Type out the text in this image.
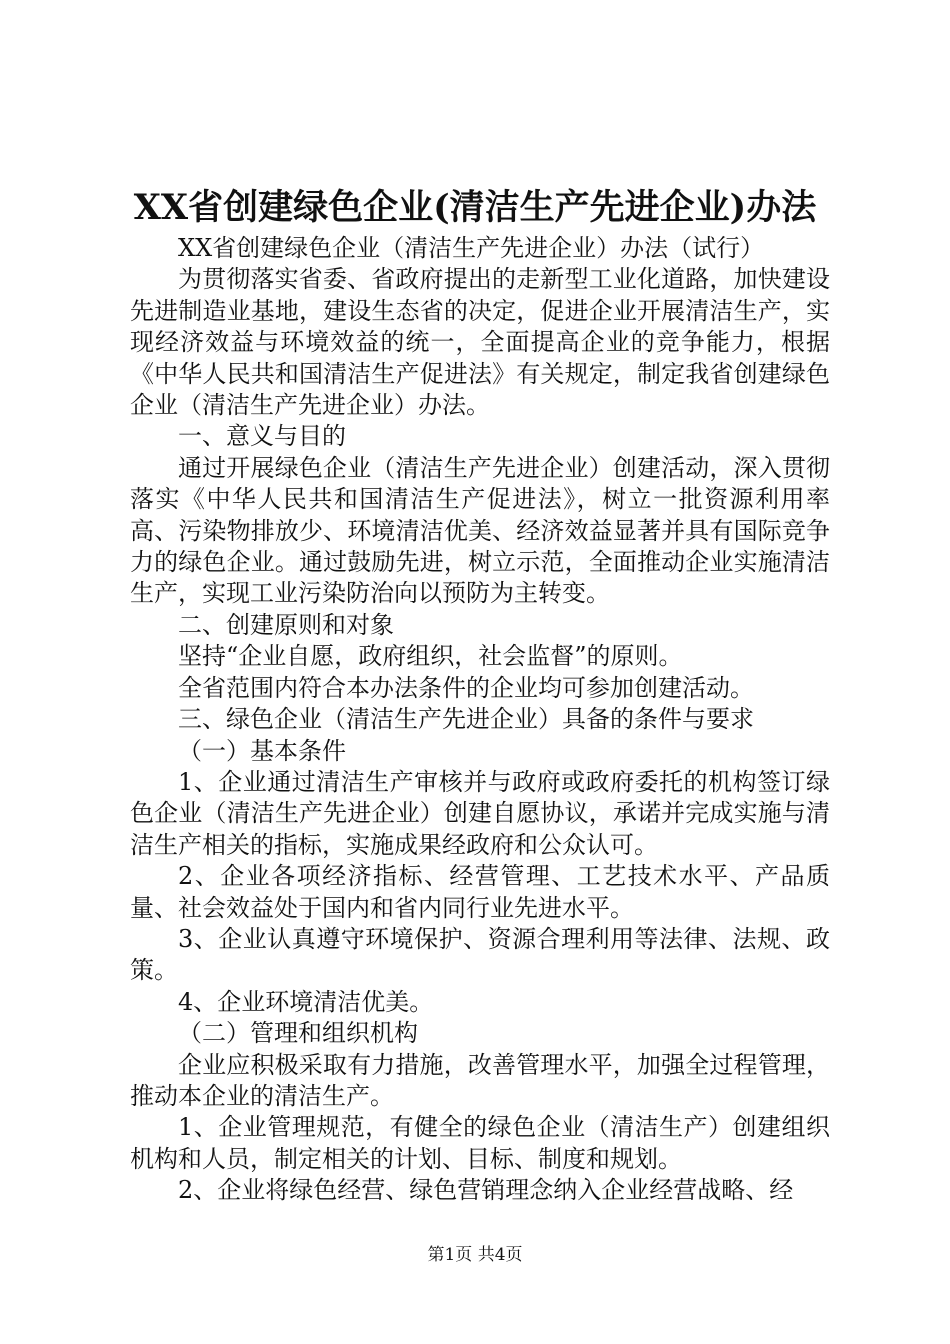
XX省创建绿色企业(清洁生产先进企业)办法

XX省创建绿色企业（清洁生产先进企业）办法（试行）

为贯彻落实省委、省政府提出的走新型工业化道路，加快建设先进制造业基地，建设生态省的决定，促进企业开展清洁生产，实现经济效益与环境效益的统一，全面提高企业的竞争能力，根据《中华人民共和国清洁生产促进法》有关规定，制定我省创建绿色企业（清洁生产先进企业）办法。

一、意义与目的

通过开展绿色企业（清洁生产先进企业）创建活动，深入贯彻落实《中华人民共和国清洁生产促进法》，树立一批资源利用率高、污染物排放少、环境清洁优美、经济效益显著并具有国际竞争力的绿色企业。通过鼓励先进，树立示范，全面推动企业实施清洁生产，实现工业污染防治向以预防为主转变。

二、创建原则和对象

坚持“企业自愿，政府组织，社会监督”的原则。

全省范围内符合本办法条件的企业均可参加创建活动。

三、绿色企业（清洁生产先进企业）具备的条件与要求

（一）基本条件

1、企业通过清洁生产审核并与政府或政府委托的机构签订绿色企业（清洁生产先进企业）创建自愿协议，承诺并完成实施与清洁生产相关的指标，实施成果经政府和公众认可。

2、企业各项经济指标、经营管理、工艺技术水平、产品质量、社会效益处于国内和省内同行业先进水平。

3、企业认真遵守环境保护、资源合理利用等法律、法规、政策。

4、企业环境清洁优美。

（二）管理和组织机构

企业应积极采取有力措施，改善管理水平，加强全过程管理，推动本企业的清洁生产。

1、企业管理规范，有健全的绿色企业（清洁生产）创建组织机构和人员，制定相关的计划、目标、制度和规划。

2、企业将绿色经营、绿色营销理念纳入企业经营战略、经

第1页 共4页
